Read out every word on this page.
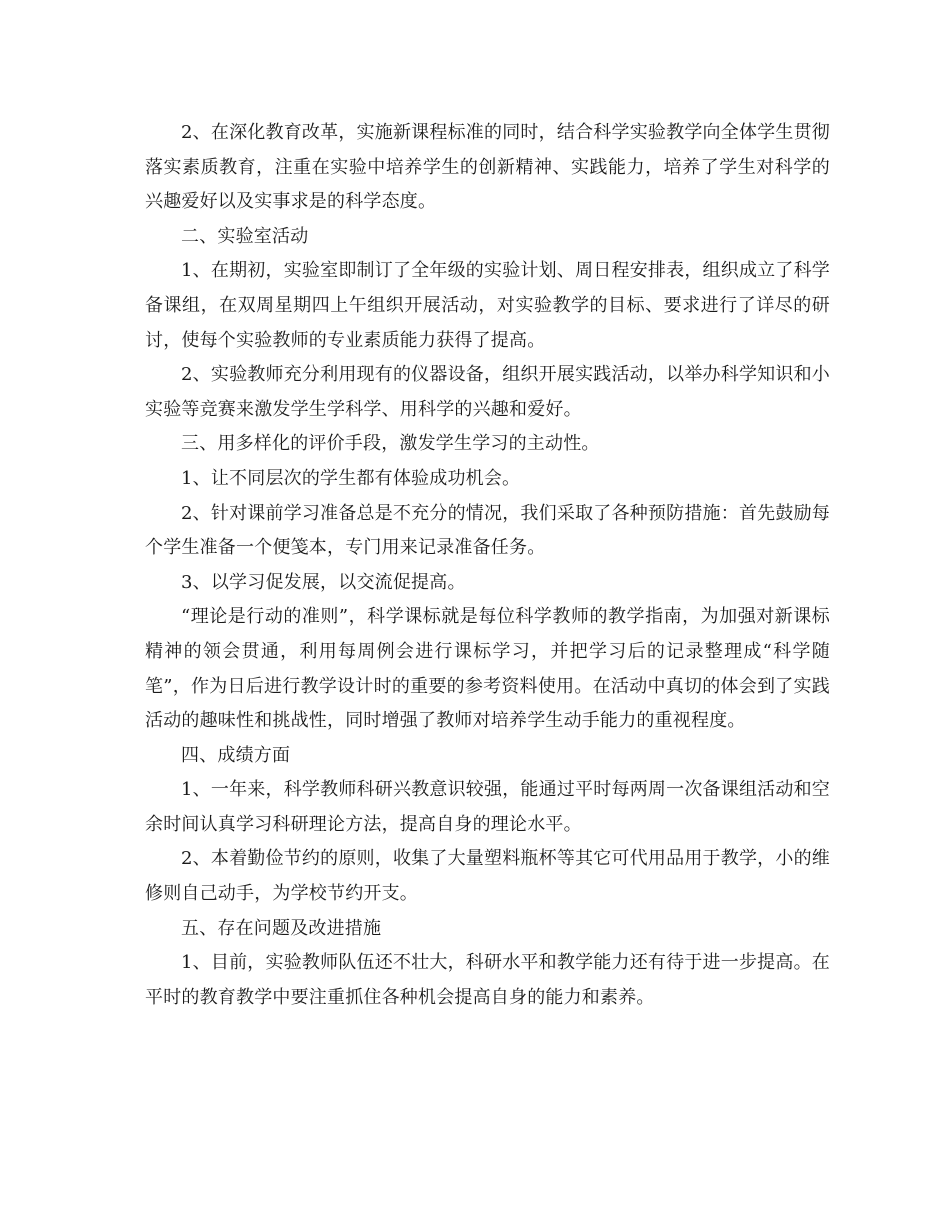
2、在深化教育改革，实施新课程标准的同时，结合科学实验教学向全体学生贯彻落实素质教育，注重在实验中培养学生的创新精神、实践能力，培养了学生对科学的兴趣爱好以及实事求是的科学态度。

二、实验室活动

1、在期初，实验室即制订了全年级的实验计划、周日程安排表，组织成立了科学备课组，在双周星期四上午组织开展活动，对实验教学的目标、要求进行了详尽的研讨，使每个实验教师的专业素质能力获得了提高。

2、实验教师充分利用现有的仪器设备，组织开展实践活动，以举办科学知识和小实验等竞赛来激发学生学科学、用科学的兴趣和爱好。

三、用多样化的评价手段，激发学生学习的主动性。

1、让不同层次的学生都有体验成功机会。

2、针对课前学习准备总是不充分的情况，我们采取了各种预防措施：首先鼓励每个学生准备一个便笺本，专门用来记录准备任务。

3、以学习促发展，以交流促提高。

“理论是行动的准则”，科学课标就是每位科学教师的教学指南，为加强对新课标精神的领会贯通，利用每周例会进行课标学习，并把学习后的记录整理成“科学随笔”，作为日后进行教学设计时的重要的参考资料使用。在活动中真切的体会到了实践活动的趣味性和挑战性，同时增强了教师对培养学生动手能力的重视程度。

四、成绩方面

1、一年来，科学教师科研兴教意识较强，能通过平时每两周一次备课组活动和空余时间认真学习科研理论方法，提高自身的理论水平。

2、本着勤俭节约的原则，收集了大量塑料瓶杯等其它可代用品用于教学，小的维修则自己动手，为学校节约开支。

五、存在问题及改进措施

1、目前，实验教师队伍还不壮大，科研水平和教学能力还有待于进一步提高。在平时的教育教学中要注重抓住各种机会提高自身的能力和素养。
